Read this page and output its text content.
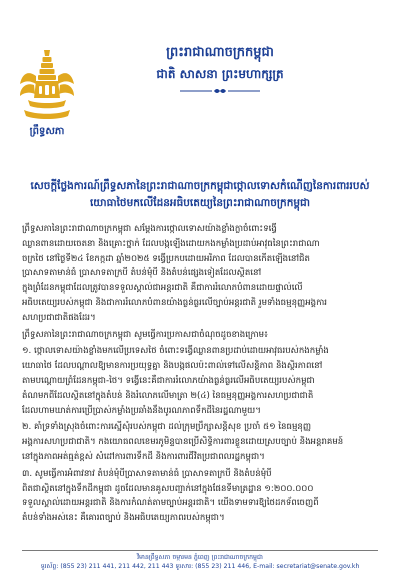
ព្រឹទ្ធសភា
ព្រះរាជាណាចក្រកម្ពុជា
ជាតិ សាសនា ព្រះមហាក្សត្រ
សេចក្តីថ្លែងការណ៍ព្រឹទ្ធសភានៃព្រះរាជាណាចក្រកម្ពុជាថ្កោលទោសកំណើញនៃការពាររបស់
យោធាថៃមកលើដែនអធិបតេយ្យនៃព្រះរាជាណាចក្រកម្ពុជា
ព្រឹទ្ធសភានៃព្រះរាជាណាចក្រកម្ពុជា សម្តែងការថ្កោលទោសយ៉ាងខ្លាំងក្លាចំពោះទង្វើ
ឈ្លានពានដោយចេតនា និងគ្រោះថ្នាក់ ដែលបង្កឡើងដោយកងកម្លាំងប្រដាប់អាវុធនៃព្រះរាជាណា
ចក្រថៃ នៅថ្ងៃទី២៤ ខែកក្កដា ឆ្នាំ២០២៥ ទង្វើប្រកបដោយអរិភាព ដែលបានកើតឡើងនៅជិត
ប្រាសាទតាមាន់ធំ ប្រាសាទតាក្របី តំបន់មុំបី និងតំបន់ផ្សេងទៀតដែលស្ថិតនៅ
ក្នុងព្រំដែនកម្ពុជាដែលត្រូវបានទទួលស្គាល់ជាអន្តរជាតិ គឺជាការរំលោភបំពានដោយផ្ទាល់លើ
អធិបតេយ្យរបស់កម្ពុជា និងជាការរំលោភបំពានយ៉ាងធ្ងន់ធ្ងរលើច្បាប់អន្តរជាតិ រួមទាំងធម្មនុញ្ញអង្គការ
សហប្រជាជាតិផងដែរ។
ព្រឹទ្ធសភានៃព្រះរាជាណាចក្រកម្ពុជា សូមធ្វើការប្រកាសជាចំណុចដូចខាងក្រោម៖
១. ថ្កោលទោសយ៉ាងខ្លាំងមកលើប្រទេសថៃ ចំពោះទង្វើឈ្លានពានប្រដាប់ដោយអាវុធរបស់កងកម្លាំង
យោធាថៃ ដែលបណ្តាលឱ្យមានការប្រយុទ្ធគ្នា និងបង្កផលប៉ះពាល់ទៅលើសន្តិភាព និងស្ថិរភាពនៅ
តាមបណ្តោយព្រំដែនកម្ពុជា-ថៃ។ ទង្វើនេះគឺជាការរំលោភយ៉ាងធ្ងន់ធ្ងរលើអធិបតេយ្យរបស់កម្ពុជា
តំណមកពីដែលស្ថិតនៅក្នុងតំបន់ និងរំលោភលើមាត្រា ២(៤) នៃធម្មនុញ្ញអង្គការសហប្រជាជាតិ
ដែលហាមឃាត់ការប្រើប្រាស់កម្លាំងប្រឆាំងនឹងបូរណភាពទឹកដីនៃរដ្ឋណាមួយ។
២. គាំទ្រទាំងស្រុងចំពោះការស្នើសុំរបស់កម្ពុជា ដល់ក្រុមប្រឹក្សាសន្តិសុខ ប្រចាំ ៥១ នៃធម្មនុញ្ញ
អង្គការសហប្រជាជាតិ។ កងយោធពលខេមរភូមិន្ទបានប្រើសិទ្ធិការពារខ្លួនដោយស្របច្បាប់ និងអន្តរាគមន៍
នៅក្នុងភាពអត់ធ្មត់ខ្ពស់ សំដៅការពារទឹកដី និងការពារជីវិតប្រជាពលរដ្ឋកម្ពុជា។
៣. សូមធ្វើការអំពាវនាវ តំបន់មុំបីប្រាសាទតាមាន់ធំ ប្រាសាទតាក្របី និងតំបន់មុំបី
ពិតជាស្ថិតនៅក្នុងទឹកដីកម្ពុជា ដូចដែលមានគូសបញ្ជាក់នៅក្នុងផែនទីមាត្រដ្ឋាន ១:២០០.០០០
ទទួលស្គាល់ដោយអន្តរជាតិ និងការកំណត់តាមច្បាប់អន្តរជាតិ។ យើងទាមទារឱ្យថៃដកទ័ពចេញពី
តំបន់ទាំងអស់នេះ គឺគោរពច្បាប់ និងអធិបតេយ្យភាពរបស់កម្ពុជា។
វិមានព្រឹទ្ធសភា ចម្ការមន ភ្នំពេញ ព្រះរាជាណាចក្រកម្ពុជា
ទូរស័ព្ទ: (855 23) 211 441, 211 442, 211 443 ទូរសារ: (855 23) 211 446, E-mail: secretariat@senate.gov.kh
